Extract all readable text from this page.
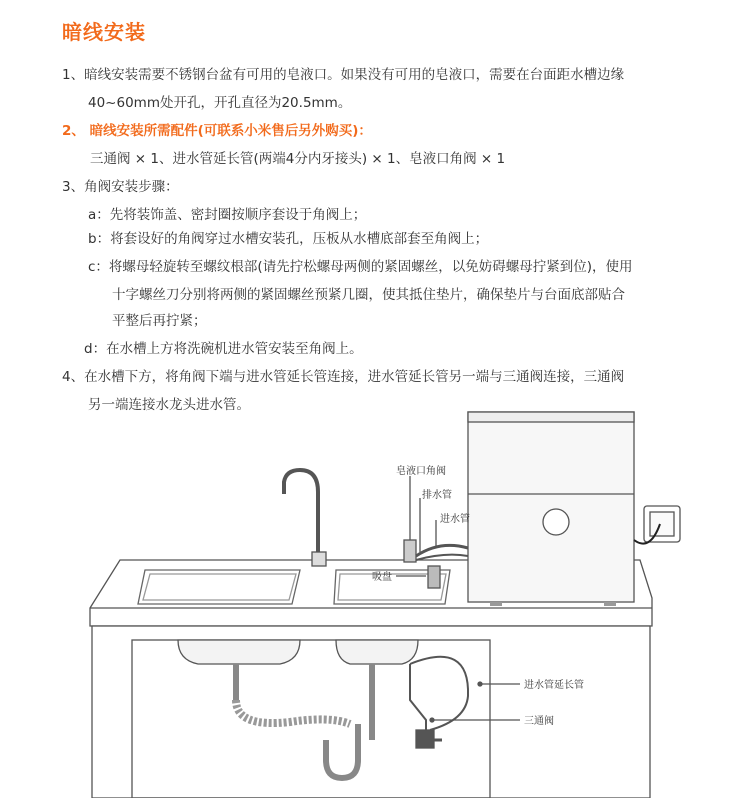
暗线安装
1、暗线安装需要不锈钢台盆有可用的皂液口。如果没有可用的皂液口，需要在台面距水槽边缘
40~60mm处开孔，开孔直径为20.5mm。
2、 暗线安装所需配件(可联系小米售后另外购买)：
三通阀 × 1、进水管延长管(两端4分内牙接头) × 1、皂液口角阀 × 1
3、角阀安装步骤：
a：先将装饰盖、密封圈按顺序套设于角阀上；
b：将套设好的角阀穿过水槽安装孔，压板从水槽底部套至角阀上；
c：将螺母轻旋转至螺纹根部(请先拧松螺母两侧的紧固螺丝，以免妨碍螺母拧紧到位)，使用
十字螺丝刀分别将两侧的紧固螺丝预紧几圈，使其抵住垫片，确保垫片与台面底部贴合
平整后再拧紧；
d：在水槽上方将洗碗机进水管安装至角阀上。
4、在水槽下方，将角阀下端与进水管延长管连接，进水管延长管另一端与三通阀连接，三通阀
另一端连接水龙头进水管。
皂液口角阀
排水管
进水管
吸盘
进水管延长管
三通阀
